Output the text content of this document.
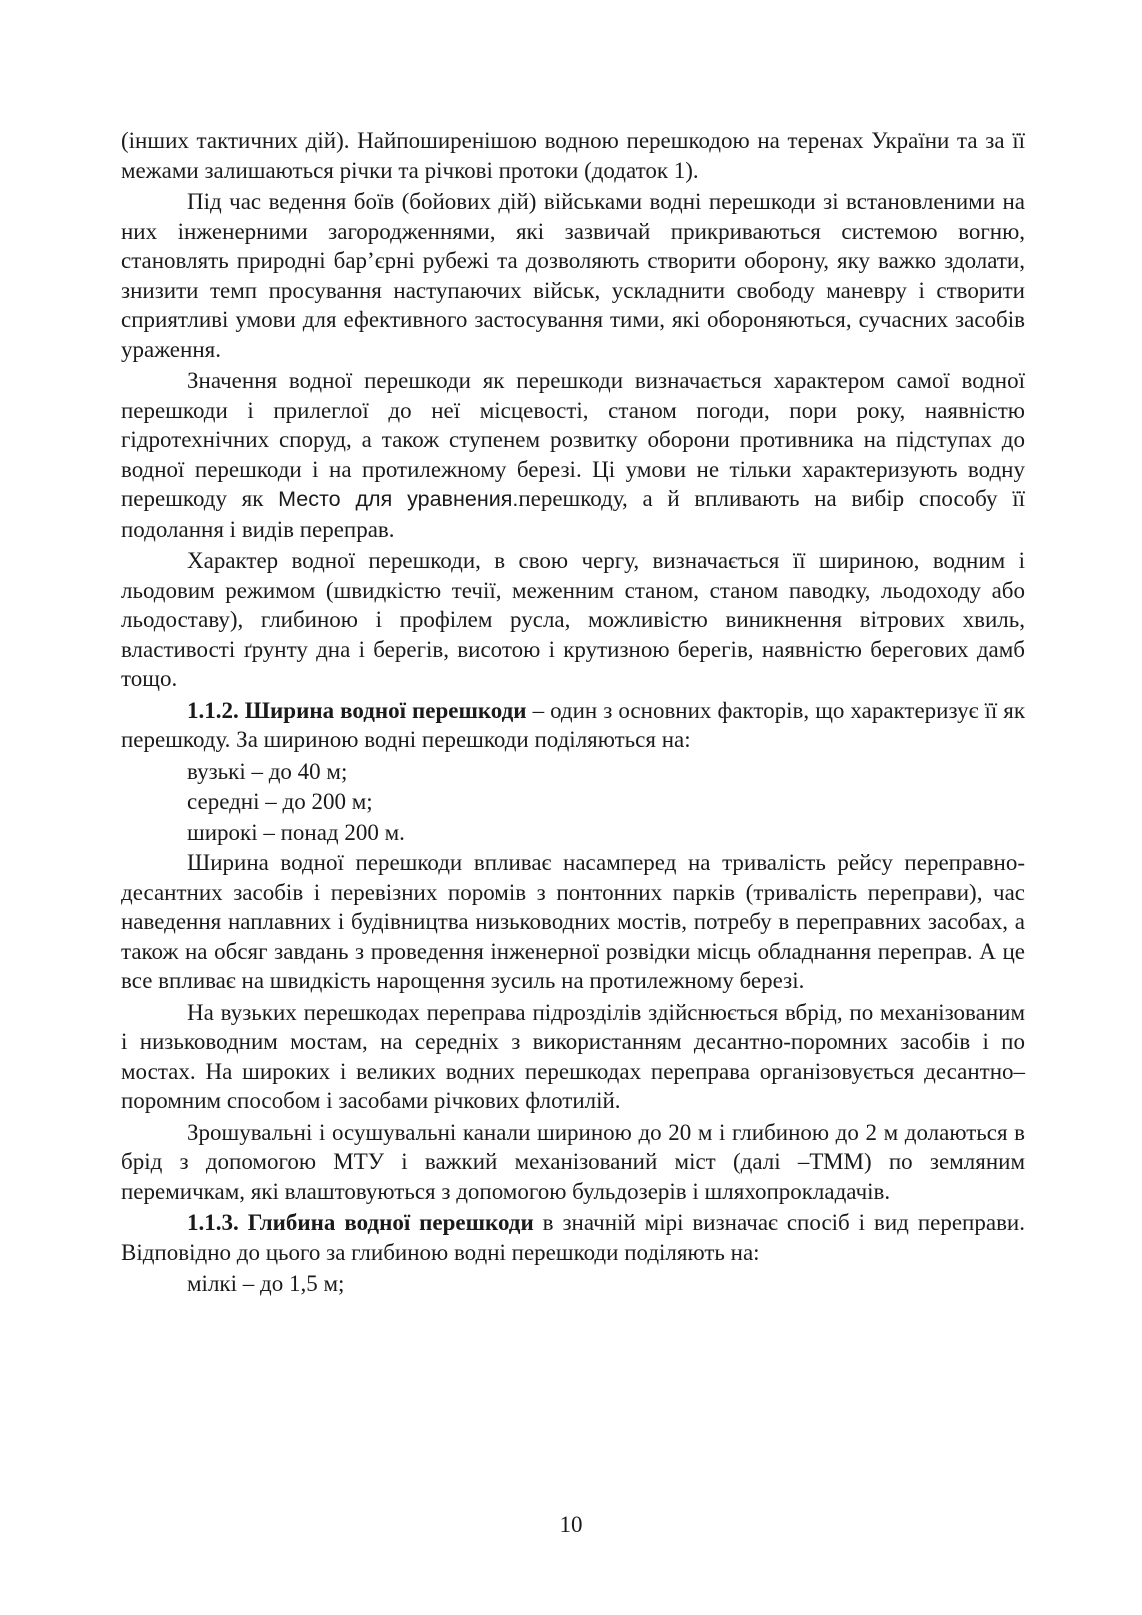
(інших тактичних дій). Найпоширенішою водною перешкодою на теренах України та за її межами залишаються річки та річкові протоки (додаток 1).

Під час ведення боїв (бойових дій) військами водні перешкоди зі встановленими на них інженерними загородженнями, які зазвичай прикриваються системою вогню, становлять природні бар’єрні рубежі та дозволяють створити оборону, яку важко здолати, знизити темп просування наступаючих військ, ускладнити свободу маневру і створити сприятливі умови для ефективного застосування тими, які обороняються, сучасних засобів ураження.

Значення водної перешкоди як перешкоди визначається характером самої водної перешкоди і прилеглої до неї місцевості, станом погоди, пори року, наявністю гідротехнічних споруд, а також ступенем розвитку оборони противника на підступах до водної перешкоди і на протилежному березі. Ці умови не тільки характеризують водну перешкоду як Место для уравнения.перешкоду, а й впливають на вибір способу її подолання і видів переправ.

Характер водної перешкоди, в свою чергу, визначається її шириною, водним і льодовим режимом (швидкістю течії, меженним станом, станом паводку, льодоходу або льодоставу), глибиною і профілем русла, можливістю виникнення вітрових хвиль, властивості ґрунту дна і берегів, висотою і крутизною берегів, наявністю берегових дамб тощо.

1.1.2. Ширина водної перешкоди – один з основних факторів, що характеризує її як перешкоду. За шириною водні перешкоди поділяються на:

вузькі – до 40 м;
середні – до 200 м;
широкі – понад 200 м.

Ширина водної перешкоди впливає насамперед на тривалість рейсу переправно-десантних засобів і перевізних поромів з понтонних парків (тривалість переправи), час наведення наплавних і будівництва низьководних мостів, потребу в переправних засобах, а також на обсяг завдань з проведення інженерної розвідки місць обладнання переправ. А це все впливає на швидкість нарощення зусиль на протилежному березі.

На вузьких перешкодах переправа підрозділів здійснюється вбрід, по механізованим і низьководним мостам, на середніх з використанням десантно-поромних засобів і по мостах. На широких і великих водних перешкодах переправа організовується десантно–поромним способом і засобами річкових флотилій.

Зрошувальні і осушувальні канали шириною до 20 м і глибиною до 2 м долаються в брід з допомогою МТУ і важкий механізований міст (далі –ТММ) по земляним перемичкам, які влаштовуються з допомогою бульдозерів і шляхопрокладачів.

1.1.3. Глибина водної перешкоди в значній мірі визначає спосіб і вид переправи. Відповідно до цього за глибиною водні перешкоди поділяють на:

мілкі – до 1,5 м;
10
